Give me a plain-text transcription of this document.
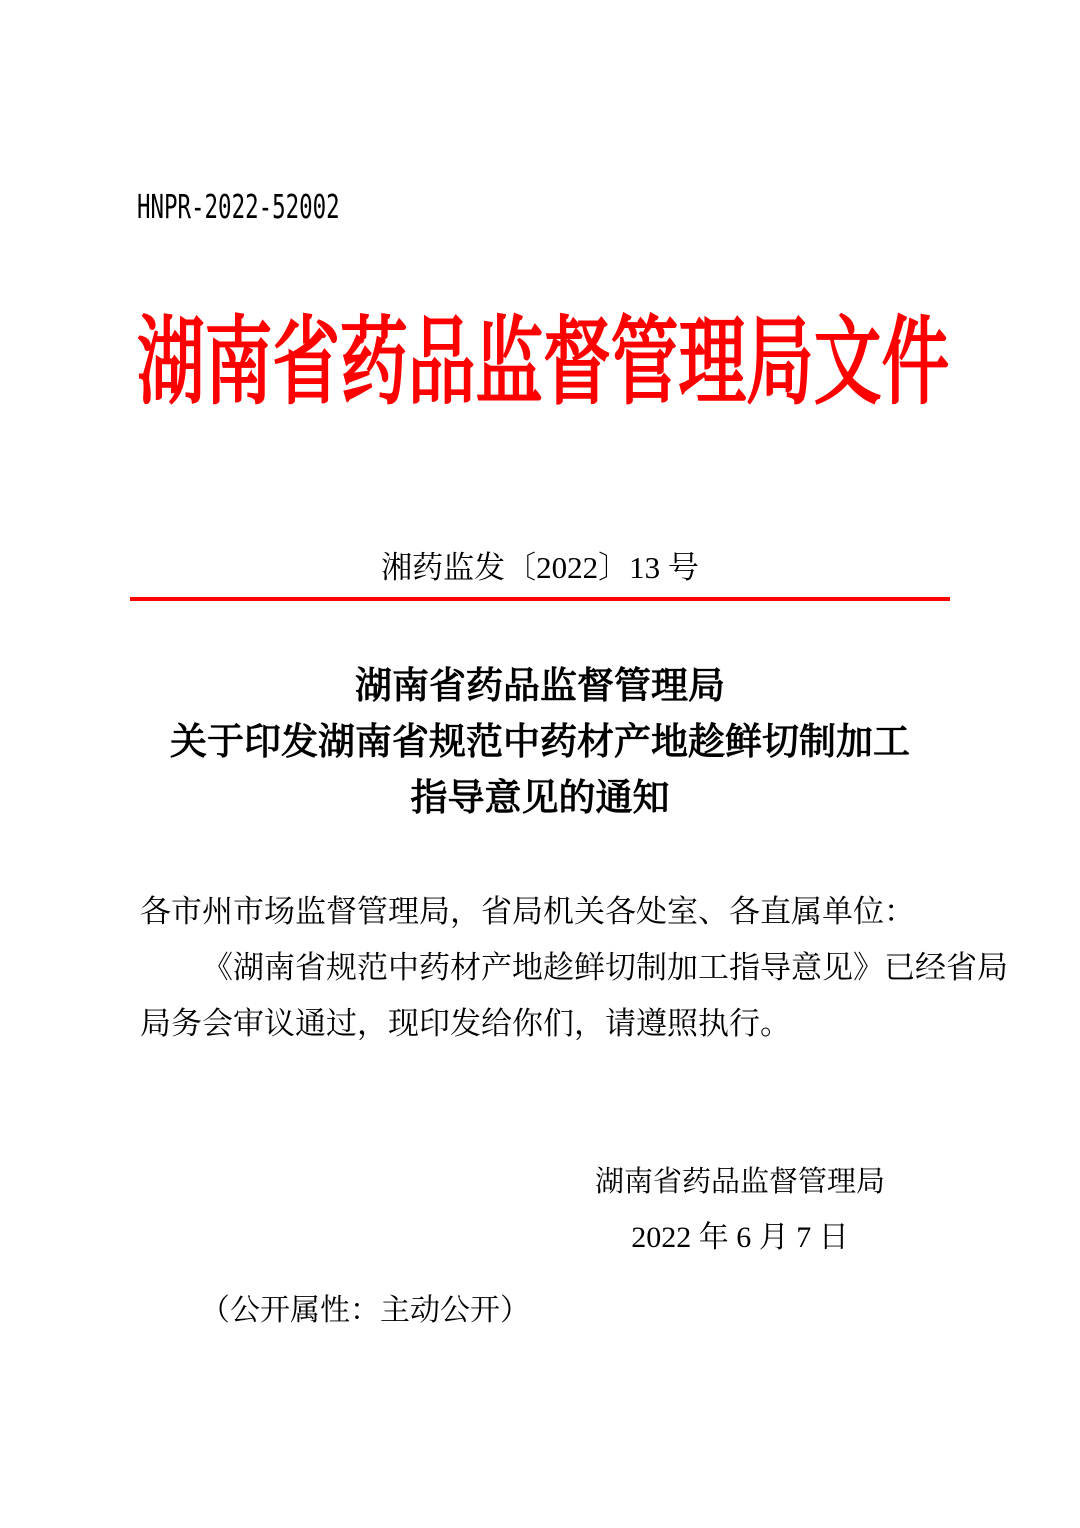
HNPR-2022-52002
湖南省药品监督管理局文件
湘药监发〔2022〕13 号
湖南省药品监督管理局
关于印发湖南省规范中药材产地趁鲜切制加工
指导意见的通知
各市州市场监督管理局，省局机关各处室、各直属单位：
《湖南省规范中药材产地趁鲜切制加工指导意见》已经省局
局务会审议通过，现印发给你们，请遵照执行。
湖南省药品监督管理局
2022 年 6 月 7 日
（公开属性：主动公开）
